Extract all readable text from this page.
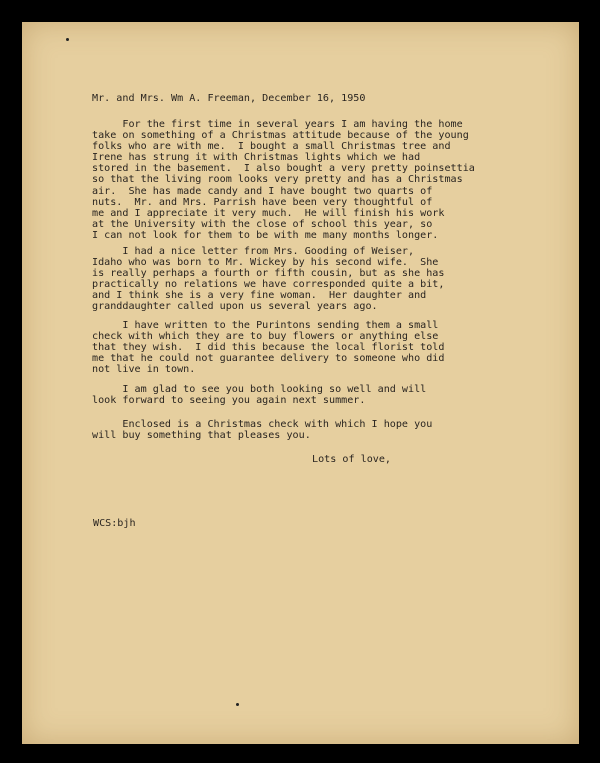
Mr. and Mrs. Wm A. Freeman, December 16, 1950
For the first time in several years I am having the home
take on something of a Christmas attitude because of the young
folks who are with me.  I bought a small Christmas tree and
Irene has strung it with Christmas lights which we had
stored in the basement.  I also bought a very pretty poinsettia
so that the living room looks very pretty and has a Christmas
air.  She has made candy and I have bought two quarts of
nuts.  Mr. and Mrs. Parrish have been very thoughtful of
me and I appreciate it very much.  He will finish his work
at the University with the close of school this year, so
I can not look for them to be with me many months longer.
I had a nice letter from Mrs. Gooding of Weiser,
Idaho who was born to Mr. Wickey by his second wife.  She
is really perhaps a fourth or fifth cousin, but as she has
practically no relations we have corresponded quite a bit,
and I think she is a very fine woman.  Her daughter and
granddaughter called upon us several years ago.
I have written to the Purintons sending them a small
check with which they are to buy flowers or anything else
that they wish.  I did this because the local florist told
me that he could not guarantee delivery to someone who did
not live in town.
I am glad to see you both looking so well and will
look forward to seeing you again next summer.
Enclosed is a Christmas check with which I hope you
will buy something that pleases you.
Lots of love,
WCS:bjh
